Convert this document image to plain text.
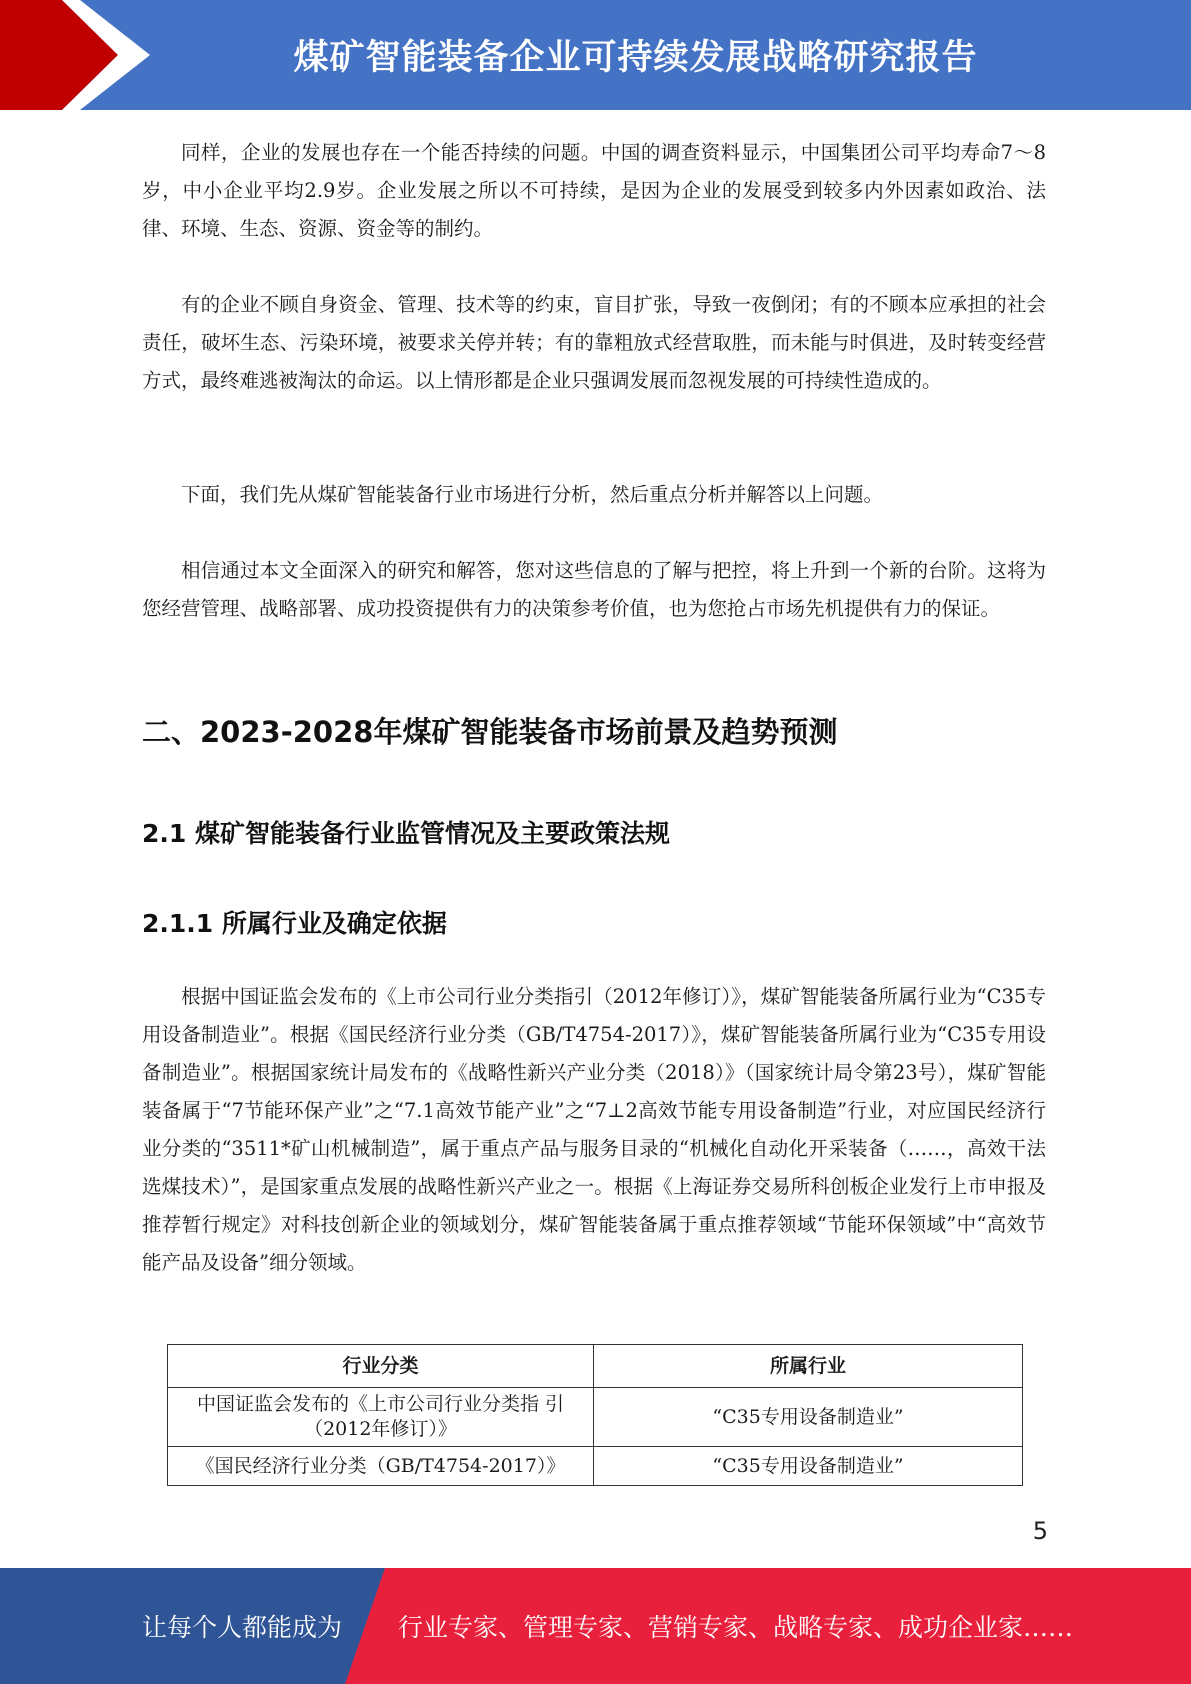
煤矿智能装备企业可持续发展战略研究报告

同样，企业的发展也存在一个能否持续的问题。中国的调查资料显示，中国集团公司平均寿命7～8岁，中小企业平均2.9岁。企业发展之所以不可持续，是因为企业的发展受到较多内外因素如政治、法律、环境、生态、资源、资金等的制约。

有的企业不顾自身资金、管理、技术等的约束，盲目扩张，导致一夜倒闭；有的不顾本应承担的社会责任，破坏生态、污染环境，被要求关停并转；有的靠粗放式经营取胜，而未能与时俱进，及时转变经营方式，最终难逃被淘汰的命运。以上情形都是企业只强调发展而忽视发展的可持续性造成的。

下面，我们先从煤矿智能装备行业市场进行分析，然后重点分析并解答以上问题。

相信通过本文全面深入的研究和解答，您对这些信息的了解与把控，将上升到一个新的台阶。这将为您经营管理、战略部署、成功投资提供有力的决策参考价值，也为您抢占市场先机提供有力的保证。

二、2023-2028年煤矿智能装备市场前景及趋势预测
2.1 煤矿智能装备行业监管情况及主要政策法规
2.1.1 所属行业及确定依据

根据中国证监会发布的《上市公司行业分类指引（2012年修订）》，煤矿智能装备所属行业为“C35专用设备制造业”。根据《国民经济行业分类（GB/T4754-2017）》，煤矿智能装备所属行业为“C35专用设备制造业”。根据国家统计局发布的《战略性新兴产业分类（2018）》（国家统计局令第23号），煤矿智能装备属于“7节能环保产业”之“7.1高效节能产业”之“7⊥2高效节能专用设备制造”行业，对应国民经济行业分类的“3511*矿山机械制造”，属于重点产品与服务目录的“机械化自动化开采装备（……，高效干法选煤技术）”，是国家重点发展的战略性新兴产业之一。根据《上海证券交易所科创板企业发行上市申报及推荐暂行规定》对科技创新企业的领域划分，煤矿智能装备属于重点推荐领域“节能环保领域”中“高效节能产品及设备”细分领域。

行业分类	所属行业
中国证监会发布的《上市公司行业分类指 引（2012年修订）》	“C35专用设备制造业”
《国民经济行业分类（GB/T4754-2017）》	“C35专用设备制造业”
5
让每个人都能成为 行业专家、管理专家、营销专家、战略专家、成功企业家……
